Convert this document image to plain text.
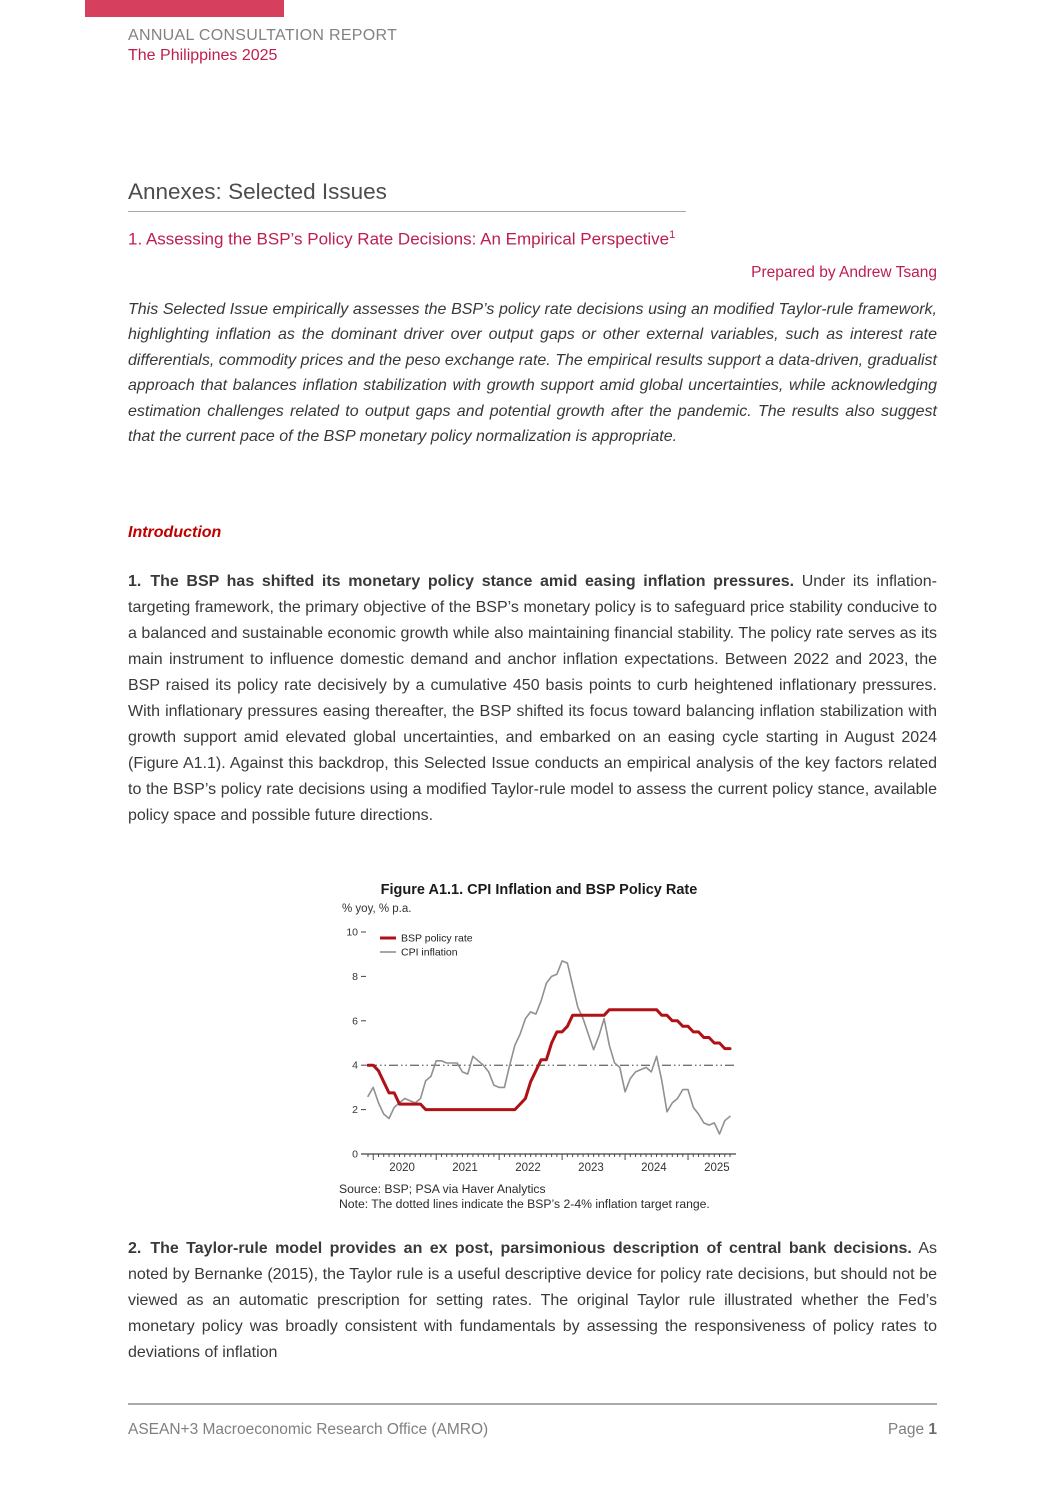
ANNUAL CONSULTATION REPORT
The Philippines 2025
Annexes: Selected Issues
1. Assessing the BSP’s Policy Rate Decisions: An Empirical Perspective$^1$
Prepared by Andrew Tsang

This Selected Issue empirically assesses the BSP’s policy rate decisions using an modified Taylor-rule framework, highlighting inflation as the dominant driver over output gaps or other external variables, such as interest rate differentials, commodity prices and the peso exchange rate. The empirical results support a data-driven, gradualist approach that balances inflation stabilization with growth support amid global uncertainties, while acknowledging estimation challenges related to output gaps and potential growth after the pandemic. The results also suggest that the current pace of the BSP monetary policy normalization is appropriate.

Introduction

1. The BSP has shifted its monetary policy stance amid easing inflation pressures. Under its inflation-targeting framework, the primary objective of the BSP’s monetary policy is to safeguard price stability conducive to a balanced and sustainable economic growth while also maintaining financial stability. The policy rate serves as its main instrument to influence domestic demand and anchor inflation expectations. Between 2022 and 2023, the BSP raised its policy rate decisively by a cumulative 450 basis points to curb heightened inflationary pressures. With inflationary pressures easing thereafter, the BSP shifted its focus toward balancing inflation stabilization with growth support amid elevated global uncertainties, and embarked on an easing cycle starting in August 2024 (Figure A1.1). Against this backdrop, this Selected Issue conducts an empirical analysis of the key factors related to the BSP’s policy rate decisions using a modified Taylor-rule model to assess the current policy stance, available policy space and possible future directions.

Figure A1.1. CPI Inflation and BSP Policy Rate
% yoy, % p.a.
0
2
4
6
8
10
2020	2021	2022	2023	2024	2025
BSP policy rate
CPI inflation
Source: BSP; PSA via Haver Analytics
Note: The dotted lines indicate the BSP’s 2-4% inflation target range.

2. The Taylor-rule model provides an ex post, parsimonious description of central bank decisions. As noted by Bernanke (2015), the Taylor rule is a useful descriptive device for policy rate decisions, but should not be viewed as an automatic prescription for setting rates. The original Taylor rule illustrated whether the Fed’s monetary policy was broadly consistent with fundamentals by assessing the responsiveness of policy rates to deviations of inflation

ASEAN+3 Macroeconomic Research Office (AMRO)	Page 1
